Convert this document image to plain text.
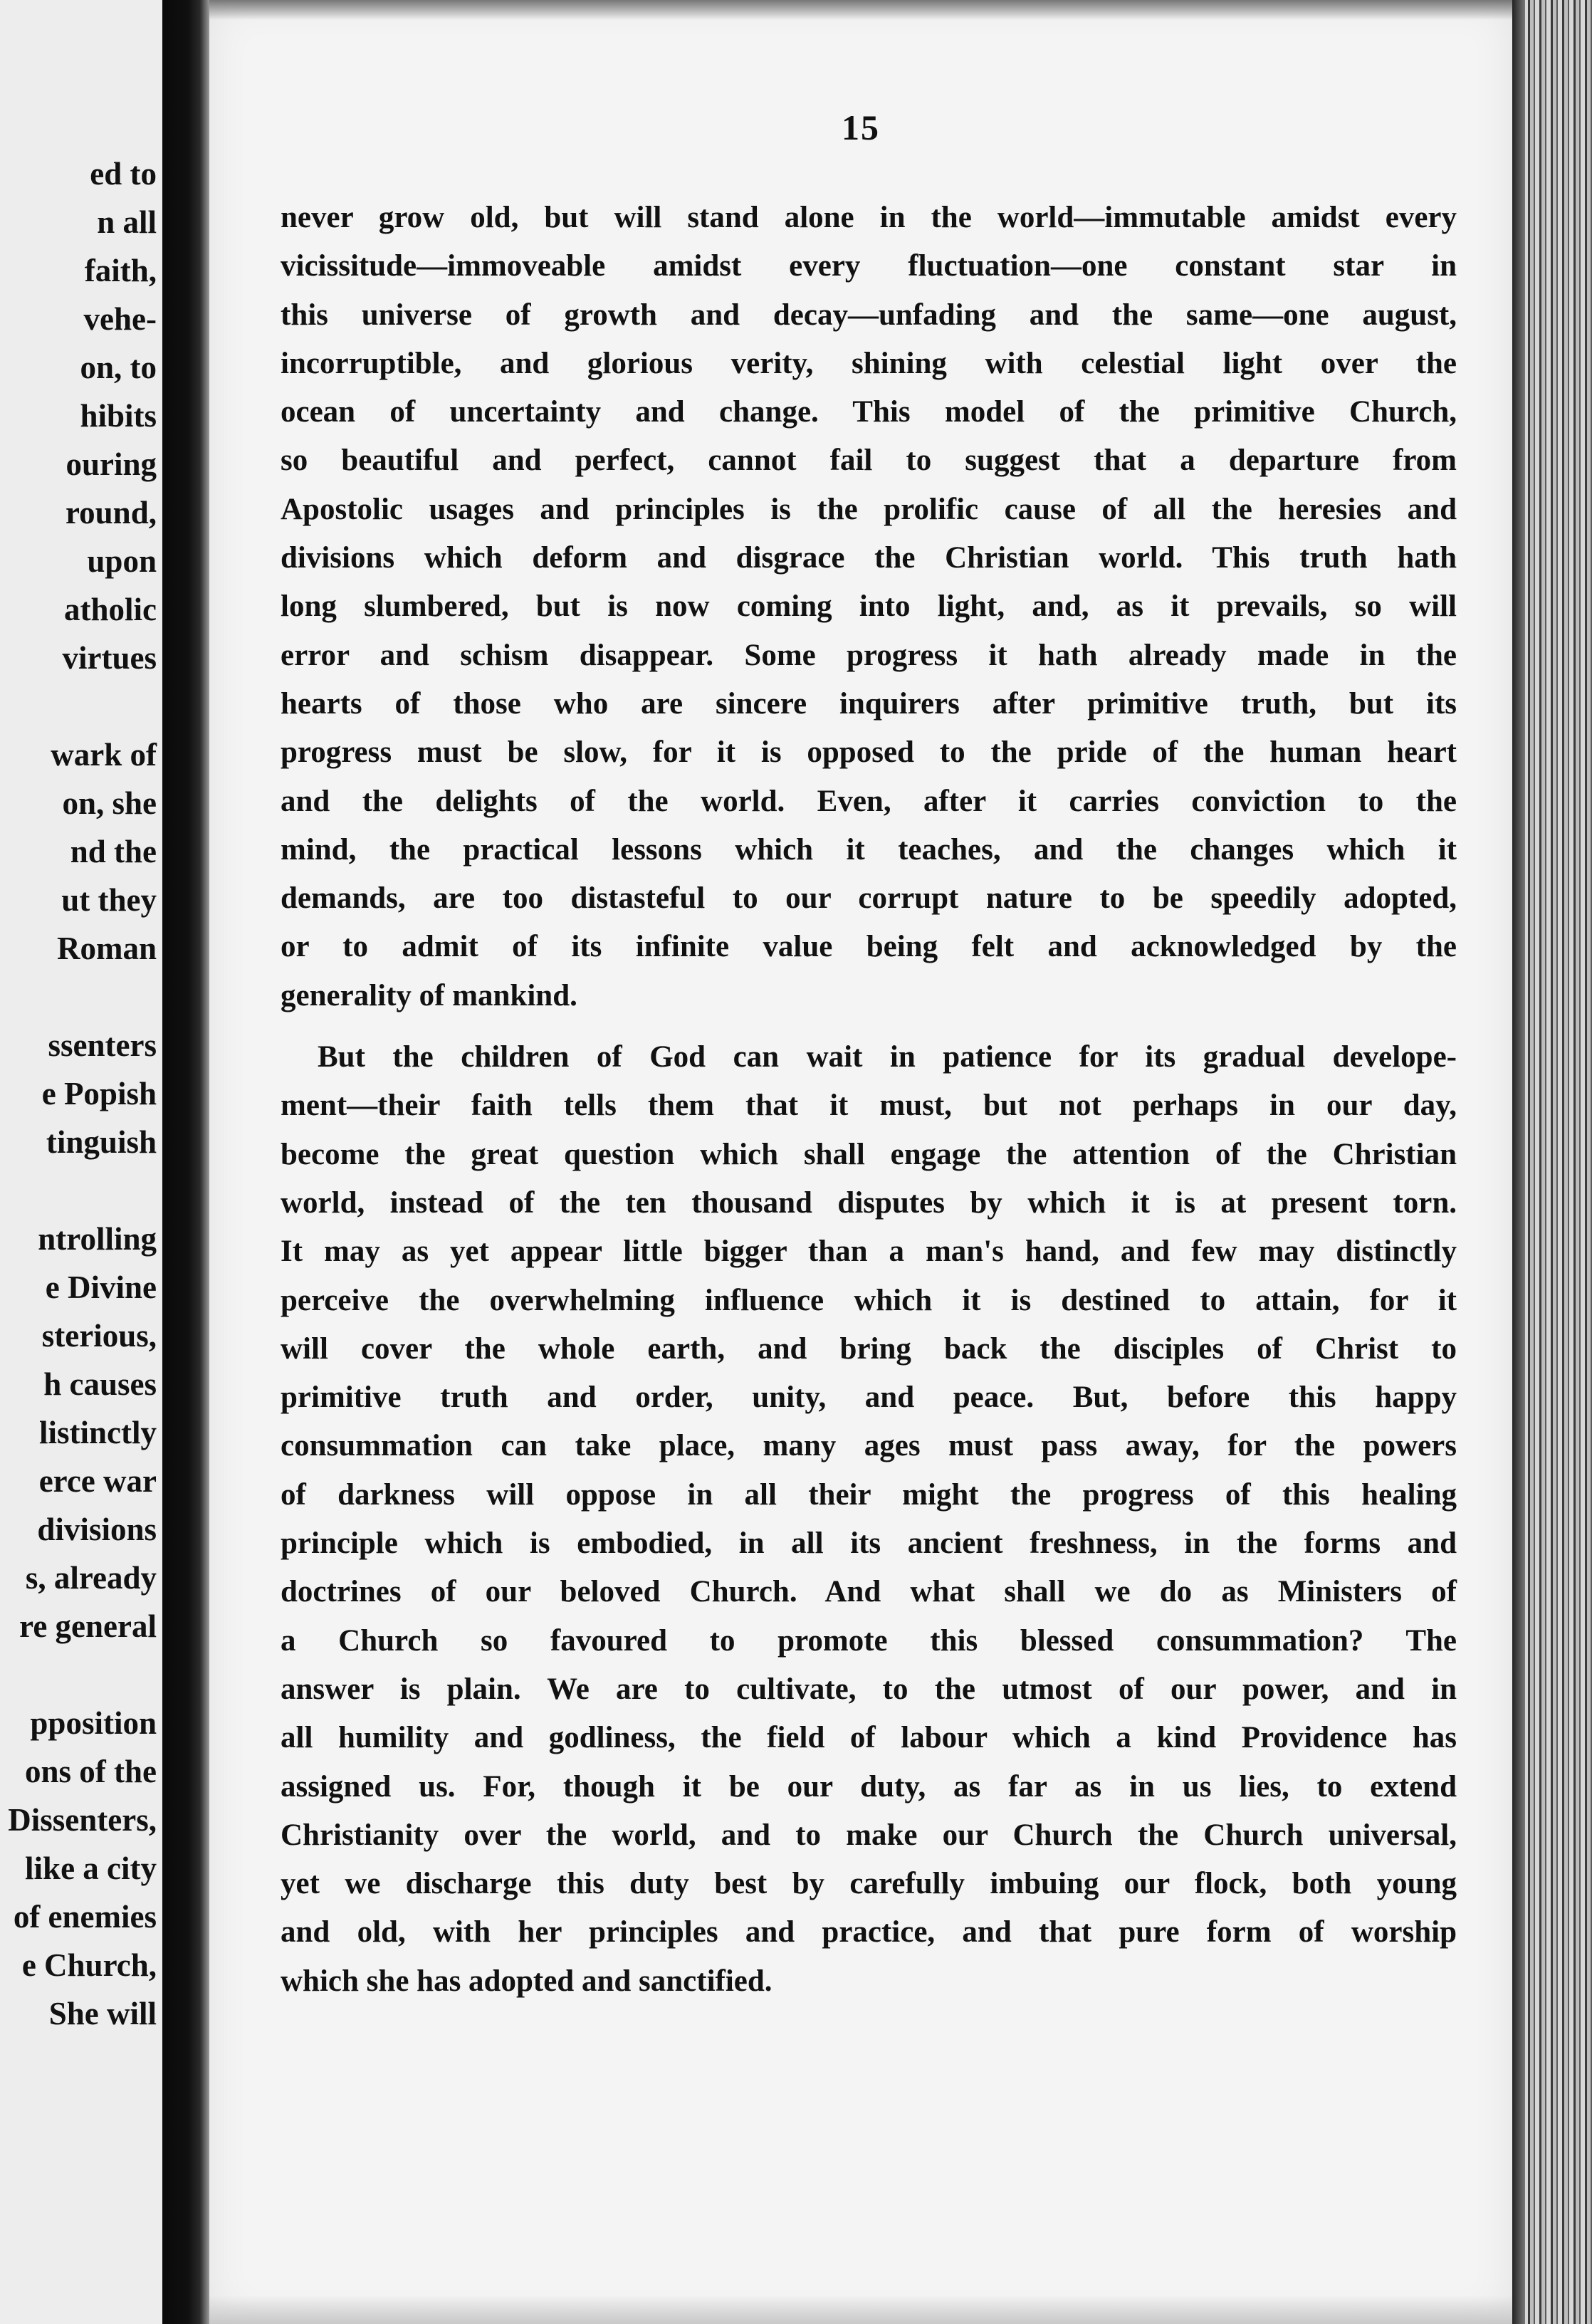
ed to
n all
faith,
vehe-
on, to
hibits
ouring
round,
upon
atholic
virtues
wark of
on, she
nd the
ut they
Roman
ssenters
e Popish
tinguish
ntrolling
e Divine
sterious,
h causes
listinctly
erce war
divisions
s, already
re general
pposition
ons of the
Dissenters,
like a city
of enemies
e Church,
She will
15
never grow old, but will stand alone in the world—immutable amidst every
vicissitude—immoveable amidst every fluctuation—one constant star in
this universe of growth and decay—unfading and the same—one august,
incorruptible, and glorious verity, shining with celestial light over the
ocean of uncertainty and change. This model of the primitive Church,
so beautiful and perfect, cannot fail to suggest that a departure from
Apostolic usages and principles is the prolific cause of all the heresies and
divisions which deform and disgrace the Christian world. This truth hath
long slumbered, but is now coming into light, and, as it prevails, so will
error and schism disappear. Some progress it hath already made in the
hearts of those who are sincere inquirers after primitive truth, but its
progress must be slow, for it is opposed to the pride of the human heart
and the delights of the world. Even, after it carries conviction to the
mind, the practical lessons which it teaches, and the changes which it
demands, are too distasteful to our corrupt nature to be speedily adopted,
or to admit of its infinite value being felt and acknowledged by the
generality of mankind.
But the children of God can wait in patience for its gradual develope-
ment—their faith tells them that it must, but not perhaps in our day,
become the great question which shall engage the attention of the Christian
world, instead of the ten thousand disputes by which it is at present torn.
It may as yet appear little bigger than a man's hand, and few may distinctly
perceive the overwhelming influence which it is destined to attain, for it
will cover the whole earth, and bring back the disciples of Christ to
primitive truth and order, unity, and peace. But, before this happy
consummation can take place, many ages must pass away, for the powers
of darkness will oppose in all their might the progress of this healing
principle which is embodied, in all its ancient freshness, in the forms and
doctrines of our beloved Church. And what shall we do as Ministers of
a Church so favoured to promote this blessed consummation? The
answer is plain. We are to cultivate, to the utmost of our power, and in
all humility and godliness, the field of labour which a kind Providence has
assigned us. For, though it be our duty, as far as in us lies, to extend
Christianity over the world, and to make our Church the Church universal,
yet we discharge this duty best by carefully imbuing our flock, both young
and old, with her principles and practice, and that pure form of worship
which she has adopted and sanctified.
